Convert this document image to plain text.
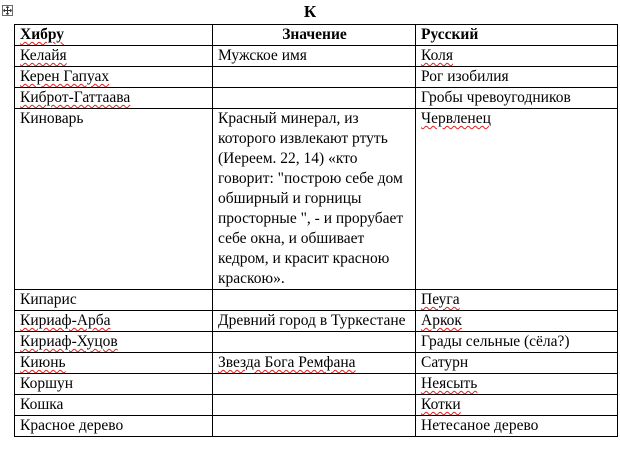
К
Хибру	Значение	Русский
Келайя	Мужское имя	Коля
Керен Гапуах		Рог изобилия
Киброт-Гаттаава		Гробы чревоугодников
Киноварь	Красный минерал, из которого извлекают ртуть (Иереем. 22, 14) «кто говорит: "построю себе дом обширный и горницы просторные ", - и прорубает себе окна, и обшивает кедром, и красит красною краскою».	Червленец
Кипарис		Пеуга
Кириаф-Арба	Древний город в Туркестане	Аркок
Кириаф-Хуцов		Грады сельные (сёла?)
Киюнь	Звезда Бога Ремфана	Сатурн
Коршун		Неясыть
Кошка		Котки
Красное дерево		Нетесаное дерево
